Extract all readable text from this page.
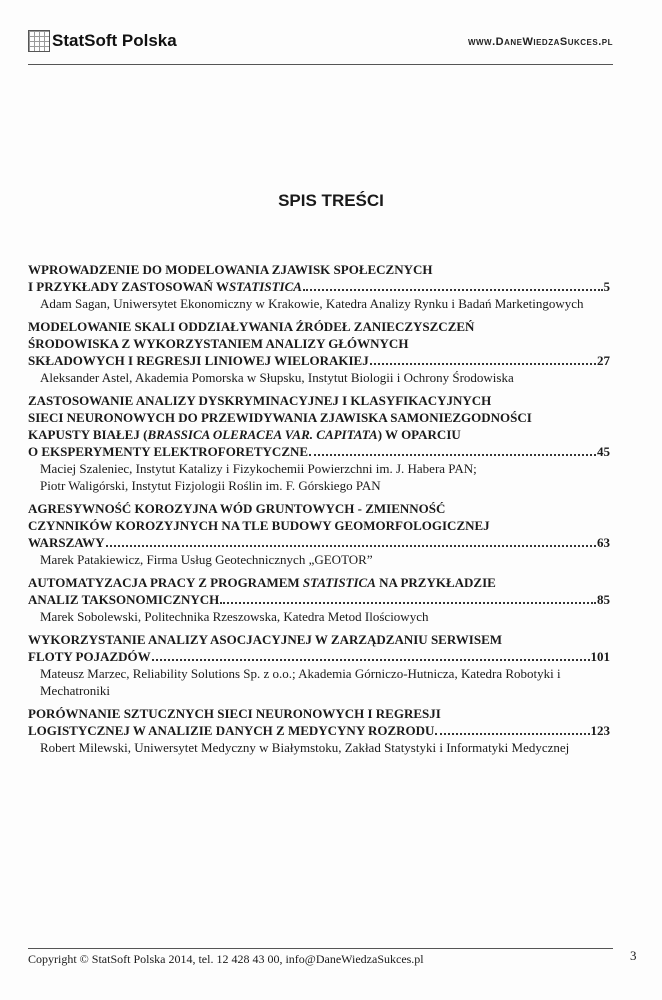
StatSoft Polska	www.DaneWiedzaSukces.pl
SPIS TREŚCI
WPROWADZENIE DO MODELOWANIA ZJAWISK SPOŁECZNYCH
I PRZYKŁADY ZASTOSOWAŃ W STATISTICA	5
Adam Sagan, Uniwersytet Ekonomiczny w Krakowie, Katedra Analizy Rynku i Badań Marketingowych
MODELOWANIE SKALI ODDZIAŁYWANIA ŹRÓDEŁ ZANIECZYSZCZEŃ
ŚRODOWISKA Z WYKORZYSTANIEM ANALIZY GŁÓWNYCH
SKŁADOWYCH I REGRESJI LINIOWEJ WIELORAKIEJ	27
Aleksander Astel, Akademia Pomorska w Słupsku, Instytut Biologii i Ochrony Środowiska
ZASTOSOWANIE ANALIZY DYSKRYMINACYJNEJ I KLASYFIKACYJNYCH
SIECI NEURONOWYCH DO PRZEWIDYWANIA ZJAWISKA SAMONIEZGODNOŚCI
KAPUSTY BIAŁEJ (BRASSICA OLERACEA VAR. CAPITATA) W OPARCIU
O EKSPERYMENTY ELEKTROFORETYCZNE	45
Maciej Szaleniec, Instytut Katalizy i Fizykochemii Powierzchni im. J. Habera PAN;
Piotr Waligórski, Instytut Fizjologii Roślin im. F. Górskiego PAN
AGRESYWNOŚĆ KOROZYJNA WÓD GRUNTOWYCH - ZMIENNOŚĆ
CZYNNIKÓW KOROZYJNYCH NA TLE BUDOWY GEOMORFOLOGICZNEJ
WARSZAWY	63
Marek Patakiewicz, Firma Usług Geotechnicznych „GEOTOR”
AUTOMATYZACJA PRACY Z PROGRAMEM STATISTICA NA PRZYKŁADZIE
ANALIZ TAKSONOMICZNYCH	85
Marek Sobolewski, Politechnika Rzeszowska, Katedra Metod Ilościowych
WYKORZYSTANIE ANALIZY ASOCJACYJNEJ W ZARZĄDZANIU SERWISEM
FLOTY POJAZDÓW	101
Mateusz Marzec, Reliability Solutions Sp. z o.o.; Akademia Górniczo-Hutnicza, Katedra Robotyki i Mechatroniki
PORÓWNANIE SZTUCZNYCH SIECI NEURONOWYCH I REGRESJI
LOGISTYCZNEJ W ANALIZIE DANYCH Z MEDYCYNY ROZRODU	123
Robert Milewski, Uniwersytet Medyczny w Białymstoku, Zakład Statystyki i Informatyki Medycznej
Copyright © StatSoft Polska 2014, tel. 12 428 43 00, info@DaneWiedzaSukces.pl	3
